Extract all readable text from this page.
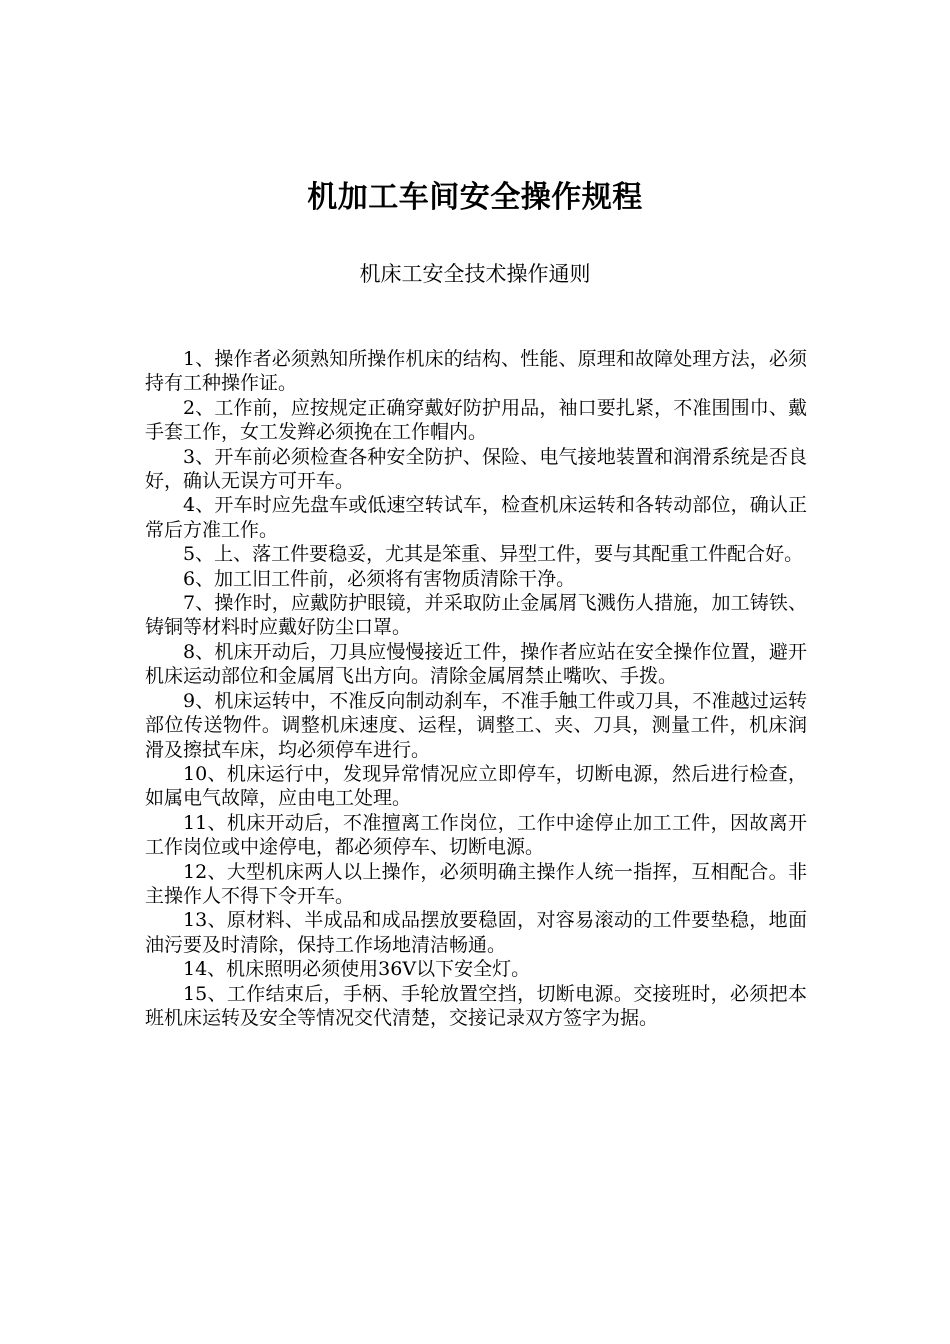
机加工车间安全操作规程
机床工安全技术操作通则

1、操作者必须熟知所操作机床的结构、性能、原理和故障处理方法，必须持有工种操作证。

2、工作前，应按规定正确穿戴好防护用品，袖口要扎紧，不准围围巾、戴手套工作，女工发辫必须挽在工作帽内。

3、开车前必须检查各种安全防护、保险、电气接地装置和润滑系统是否良好，确认无误方可开车。

4、开车时应先盘车或低速空转试车，检查机床运转和各转动部位，确认正常后方准工作。

5、上、落工件要稳妥，尤其是笨重、异型工件，要与其配重工件配合好。

6、加工旧工件前，必须将有害物质清除干净。

7、操作时，应戴防护眼镜，并采取防止金属屑飞溅伤人措施，加工铸铁、铸铜等材料时应戴好防尘口罩。

8、机床开动后，刀具应慢慢接近工件，操作者应站在安全操作位置，避开机床运动部位和金属屑飞出方向。清除金属屑禁止嘴吹、手拨。

9、机床运转中，不准反向制动刹车，不准手触工件或刀具，不准越过运转部位传送物件。调整机床速度、运程，调整工、夹、刀具，测量工件，机床润滑及擦拭车床，均必须停车进行。

10、机床运行中，发现异常情况应立即停车，切断电源，然后进行检查，如属电气故障，应由电工处理。

11、机床开动后，不准擅离工作岗位，工作中途停止加工工件，因故离开工作岗位或中途停电，都必须停车、切断电源。

12、大型机床两人以上操作，必须明确主操作人统一指挥，互相配合。非主操作人不得下令开车。

13、原材料、半成品和成品摆放要稳固，对容易滚动的工件要垫稳，地面油污要及时清除，保持工作场地清洁畅通。

14、机床照明必须使用36V以下安全灯。

15、工作结束后，手柄、手轮放置空挡，切断电源。交接班时，必须把本班机床运转及安全等情况交代清楚，交接记录双方签字为据。
